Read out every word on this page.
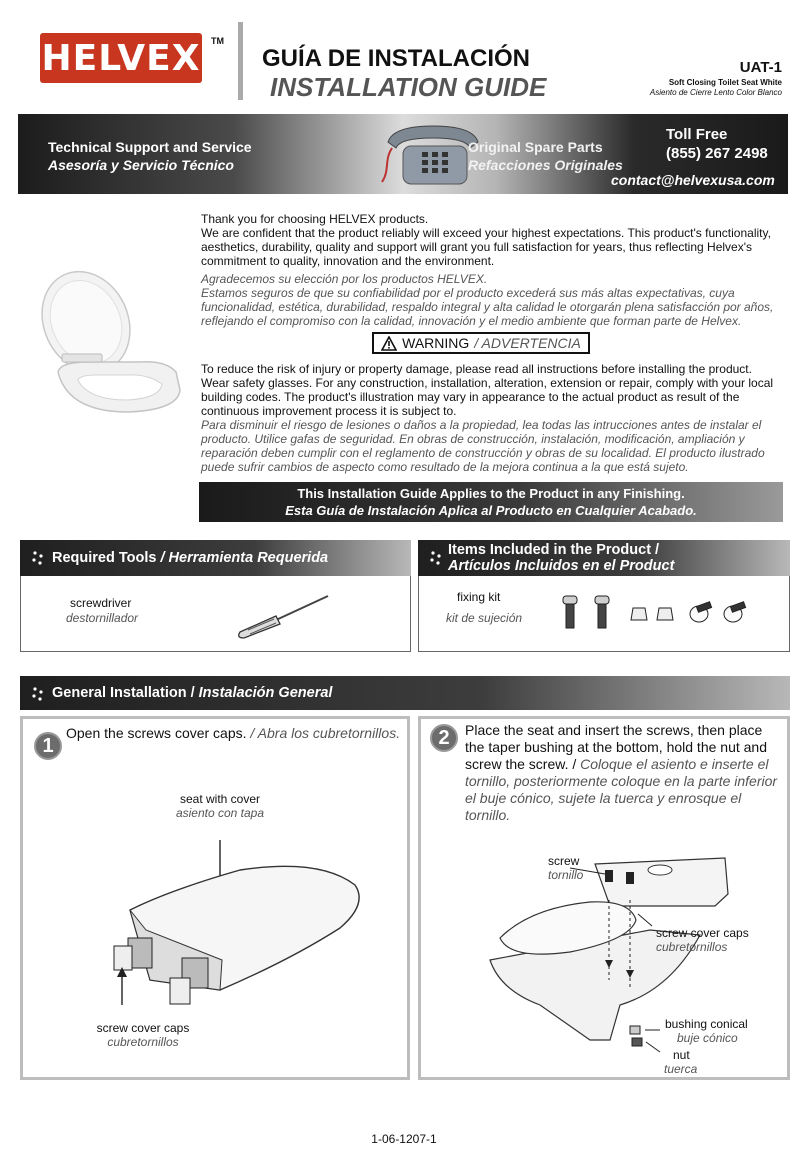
HELVEX TM
GUÍA DE INSTALACIÓN
INSTALLATION GUIDE
UAT-1
Soft Closing Toilet Seat White
Asiento de Cierre Lento Color Blanco
Technical Support and Service
Asesoría y Servicio Técnico
Original Spare Parts
Refacciones Originales
Toll Free
(855) 267 2498
contact@helvexusa.com

Thank you for choosing HELVEX products.
We are confident that the product reliably will exceed your highest expectations. This product's functionality, aesthetics, durability, quality and support will grant you full satisfaction for years, thus reflecting Helvex's commitment to quality, innovation and the environment.

Agradecemos su elección por los productos HELVEX.
Estamos seguros de que su confiabilidad por el producto excederá sus más altas expectativas, cuya funcionalidad, estética, durabilidad, respaldo integral y alta calidad le otorgarán plena satisfacción por años, reflejando el compromiso con la calidad, innovación y el medio ambiente que forman parte de Helvex.

WARNING / ADVERTENCIA

To reduce the risk of injury or property damage, please read all instructions before installing the product. Wear safety glasses. For any construction, installation, alteration, extension or repair, comply with your local building codes. The product's illustration may vary in appearance to the actual product as result of the continuous improvement process it is subject to.

Para disminuir el riesgo de lesiones o daños a la propiedad, lea todas las intrucciones antes de instalar el producto. Utilice gafas de seguridad. En obras de construcción, instalación, modificación, ampliación y reparación deben cumplir con el reglamento de construcción y obras de su localidad. El producto ilustrado puede sufrir cambios de aspecto como resultado de la mejora continua a la que está sujeto.

This Installation Guide Applies to the Product in any Finishing.
Esta Guía de Instalación Aplica al Producto en Cualquier Acabado.
Required Tools
/ Herramienta Requerida
screwdriver
destornillador
Items Included in the Product /
Artículos Incluidos en el Product
fixing kit
kit de sujeción
General Installation /
Instalación General
1
Open the screws cover caps. / Abra los cubretornillos.
seat with cover
asiento con tapa
screw cover caps
cubretornillos
2	Place the seat and insert the screws, then place the taper bushing at the bottom, hold the nut and screw the screw. / Coloque el asiento e inserte el tornillo, posteriormente coloque en la parte inferior el buje cónico, sujete la tuerca y enrosque el tornillo.
screw
tornillo
screw cover caps
cubretornillos
bushing conical
buje cónico
nut
tuerca
1-06-1207-1
